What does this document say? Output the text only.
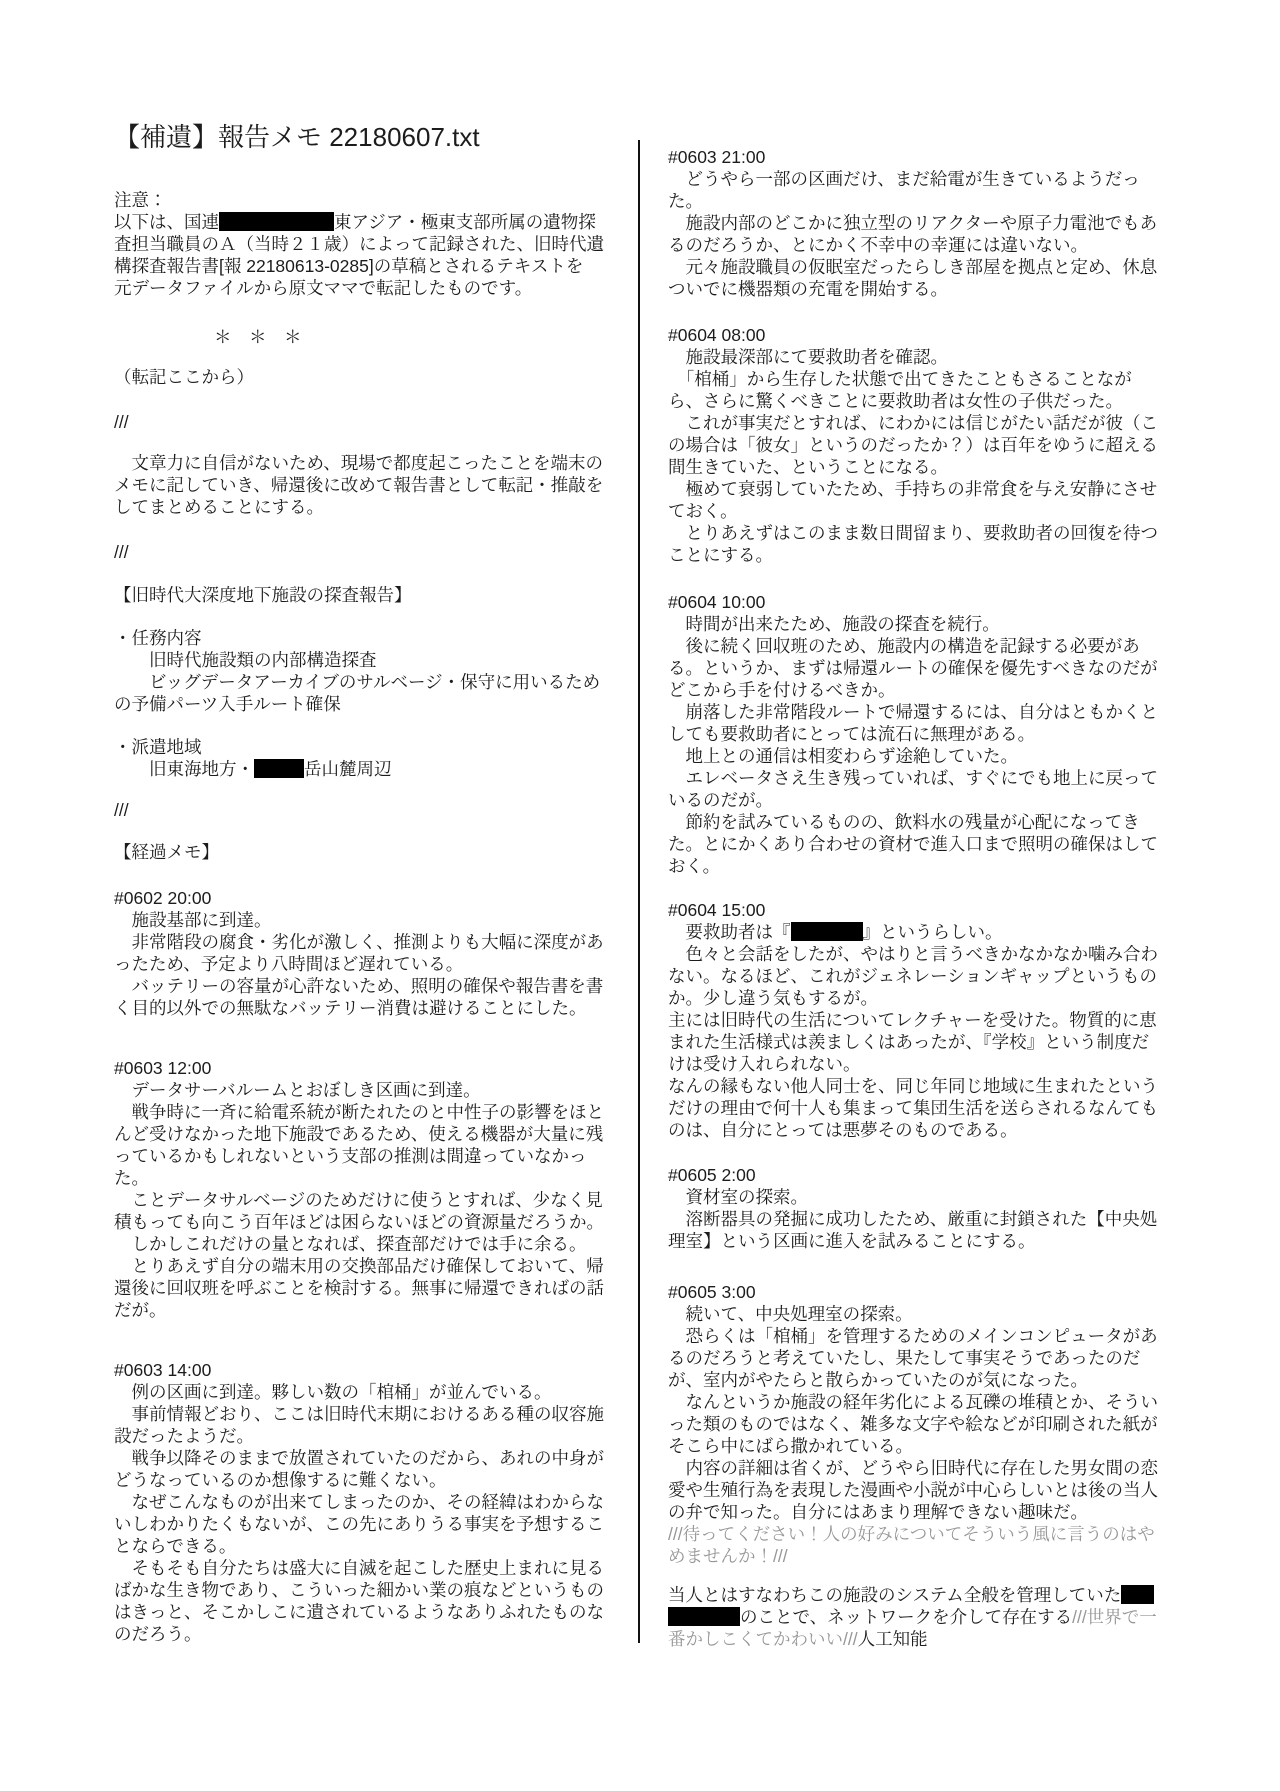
【補遺】報告メモ 22180607.txt
注意：
以下は、国連	東アジア・極東支部所属の遺物探
査担当職員のＡ（当時２１歳）によって記録された、旧時代遺
構探査報告書[報 22180613-0285]の草稿とされるテキストを
元データファイルから原文ママで転記したものです。
＊　＊　＊
（転記ここから）
///
　文章力に自信がないため、現場で都度起こったことを端末の
メモに記していき、帰還後に改めて報告書として転記・推敲を
してまとめることにする。
///
【旧時代大深度地下施設の探査報告】
・任務内容
　　旧時代施設類の内部構造探査
　　ビッグデータアーカイブのサルベージ・保守に用いるため
の予備パーツ入手ルート確保
・派遣地域
　　旧東海地方・	岳山麓周辺
///
【経過メモ】
#0602 20:00
　施設基部に到達。
　非常階段の腐食・劣化が激しく、推測よりも大幅に深度があ
ったため、予定より八時間ほど遅れている。
　バッテリーの容量が心許ないため、照明の確保や報告書を書
く目的以外での無駄なバッテリー消費は避けることにした。
#0603 12:00
　データサーバルームとおぼしき区画に到達。
　戦争時に一斉に給電系統が断たれたのと中性子の影響をほと
んど受けなかった地下施設であるため、使える機器が大量に残
っているかもしれないという支部の推測は間違っていなかっ
た。
　ことデータサルベージのためだけに使うとすれば、少なく見
積もっても向こう百年ほどは困らないほどの資源量だろうか。
　しかしこれだけの量となれば、探査部だけでは手に余る。
　とりあえず自分の端末用の交換部品だけ確保しておいて、帰
還後に回収班を呼ぶことを検討する。無事に帰還できればの話
だが。
#0603 14:00
　例の区画に到達。夥しい数の「棺桶」が並んでいる。
　事前情報どおり、ここは旧時代末期におけるある種の収容施
設だったようだ。
　戦争以降そのままで放置されていたのだから、あれの中身が
どうなっているのか想像するに難くない。
　なぜこんなものが出来てしまったのか、その経緯はわからな
いしわかりたくもないが、この先にありうる事実を予想するこ
とならできる。
　そもそも自分たちは盛大に自滅を起こした歴史上まれに見る
ばかな生き物であり、こういった細かい業の痕などというもの
はきっと、そこかしこに遺されているようなありふれたものな
のだろう。
#0603 21:00
　どうやら一部の区画だけ、まだ給電が生きているようだっ
た。
　施設内部のどこかに独立型のリアクターや原子力電池でもあ
るのだろうか、とにかく不幸中の幸運には違いない。
　元々施設職員の仮眠室だったらしき部屋を拠点と定め、休息
ついでに機器類の充電を開始する。
#0604 08:00
　施設最深部にて要救助者を確認。
　「棺桶」から生存した状態で出てきたこともさることなが
ら、さらに驚くべきことに要救助者は女性の子供だった。
　これが事実だとすれば、にわかには信じがたい話だが彼（こ
の場合は「彼女」というのだったか？）は百年をゆうに超える
間生きていた、ということになる。
　極めて衰弱していたため、手持ちの非常食を与え安静にさせ
ておく。
　とりあえずはこのまま数日間留まり、要救助者の回復を待つ
ことにする。
#0604 10:00
　時間が出来たため、施設の探査を続行。
　後に続く回収班のため、施設内の構造を記録する必要があ
る。というか、まずは帰還ルートの確保を優先すべきなのだが
どこから手を付けるべきか。
　崩落した非常階段ルートで帰還するには、自分はともかくと
しても要救助者にとっては流石に無理がある。
　地上との通信は相変わらず途絶していた。
　エレベータさえ生き残っていれば、すぐにでも地上に戻って
いるのだが。
　節約を試みているものの、飲料水の残量が心配になってき
た。とにかくあり合わせの資材で進入口まで照明の確保はして
おく。
#0604 15:00
　要救助者は『	』というらしい。
　色々と会話をしたが、やはりと言うべきかなかなか噛み合わ
ない。なるほど、これがジェネレーションギャップというもの
か。少し違う気もするが。
主には旧時代の生活についてレクチャーを受けた。物質的に恵
まれた生活様式は羨ましくはあったが、『学校』という制度だ
けは受け入れられない。
なんの縁もない他人同士を、同じ年同じ地域に生まれたという
だけの理由で何十人も集まって集団生活を送らされるなんても
のは、自分にとっては悪夢そのものである。
#0605 2:00
　資材室の探索。
　溶断器具の発掘に成功したため、厳重に封鎖された【中央処
理室】という区画に進入を試みることにする。
#0605 3:00
　続いて、中央処理室の探索。
　恐らくは「棺桶」を管理するためのメインコンピュータがあ
るのだろうと考えていたし、果たして事実そうであったのだ
が、室内がやたらと散らかっていたのが気になった。
　なんというか施設の経年劣化による瓦礫の堆積とか、そうい
った類のものではなく、雑多な文字や絵などが印刷された紙が
そこら中にばら撒かれている。
　内容の詳細は省くが、どうやら旧時代に存在した男女間の恋
愛や生殖行為を表現した漫画や小説が中心らしいとは後の当人
の弁で知った。自分にはあまり理解できない趣味だ。
///待ってください！人の好みについてそういう風に言うのはや
めませんか！///
当人とはすなわちこの施設のシステム全般を管理していた
のことで、ネットワークを介して存在する///世界で一
番かしこくてかわいい///人工知能
